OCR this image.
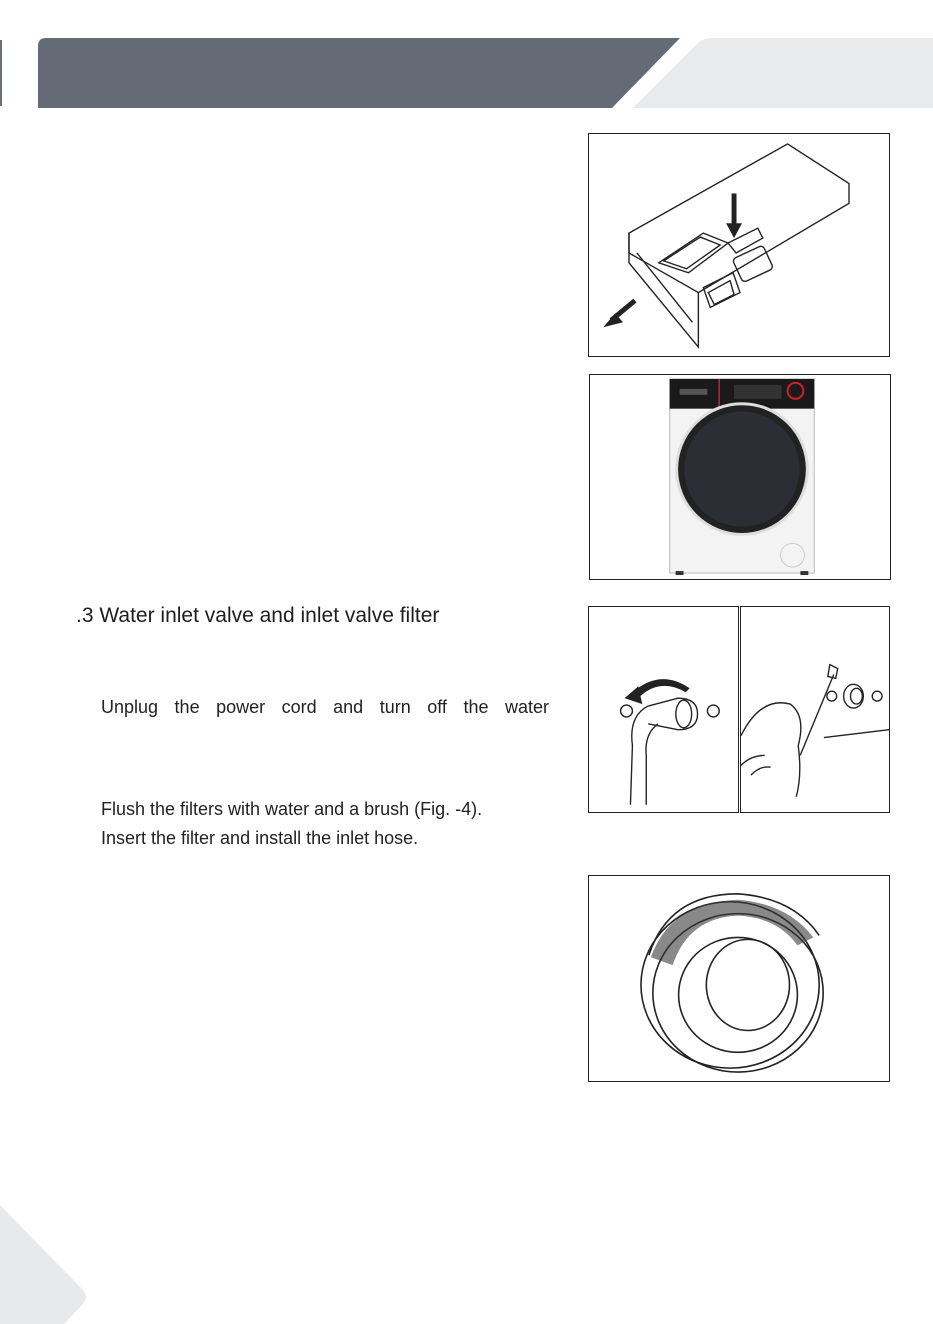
.3 Water inlet valve and inlet valve filter
Unplug the power cord and turn off the water
Flush the filters with water and a brush (Fig. -4).
Insert the filter and install the inlet hose.
